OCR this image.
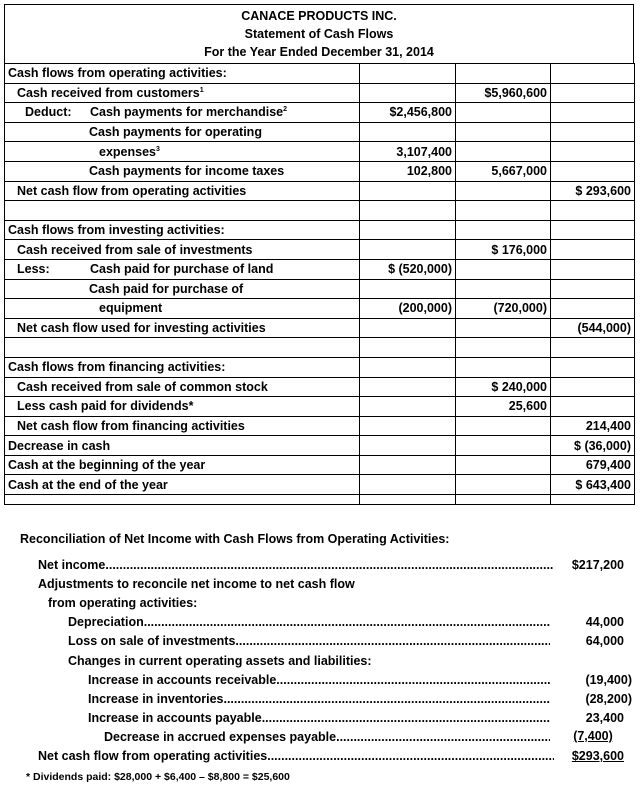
CANACE PRODUCTS INC.
Statement of Cash Flows
For the Year Ended December 31, 2014
Cash flows from operating activities:			
Cash received from customers$^1$		$5,960,600	
Deduct: Cash payments for merchandise$^2$	$2,456,800		
Cash payments for operating			
expenses$^3$	3,107,400		
Cash payments for income taxes	102,800	5,667,000	
Net cash flow from operating activities			$ 293,600

Cash flows from investing activities:			
Cash received from sale of investments		$ 176,000	
Less: Cash paid for purchase of land	$ (520,000)		
Cash paid for purchase of			
equipment	(200,000)	(720,000)	
Net cash flow used for investing activities			(544,000)

Cash flows from financing activities:			
Cash received from sale of common stock		$ 240,000	
Less cash paid for dividends*		25,600	
Net cash flow from financing activities			214,400
Decrease in cash			$ (36,000)
Cash at the beginning of the year			679,400
Cash at the end of the year			$ 643,400

Reconciliation of Net Income with Cash Flows from Operating Activities:
Net income .....	$217,200
Adjustments to reconcile net income to net cash flow
from operating activities:
Depreciation .....	44,000
Loss on sale of investments .....	64,000
Changes in current operating assets and liabilities:
Increase in accounts receivable .....	(19,400)
Increase in inventories .....	(28,200)
Increase in accounts payable .....	23,400
Decrease in accrued expenses payable .....	(7,400)
Net cash flow from operating activities .....	$293,600
* Dividends paid: $28,000 + $6,400 – $8,800 = $25,600
